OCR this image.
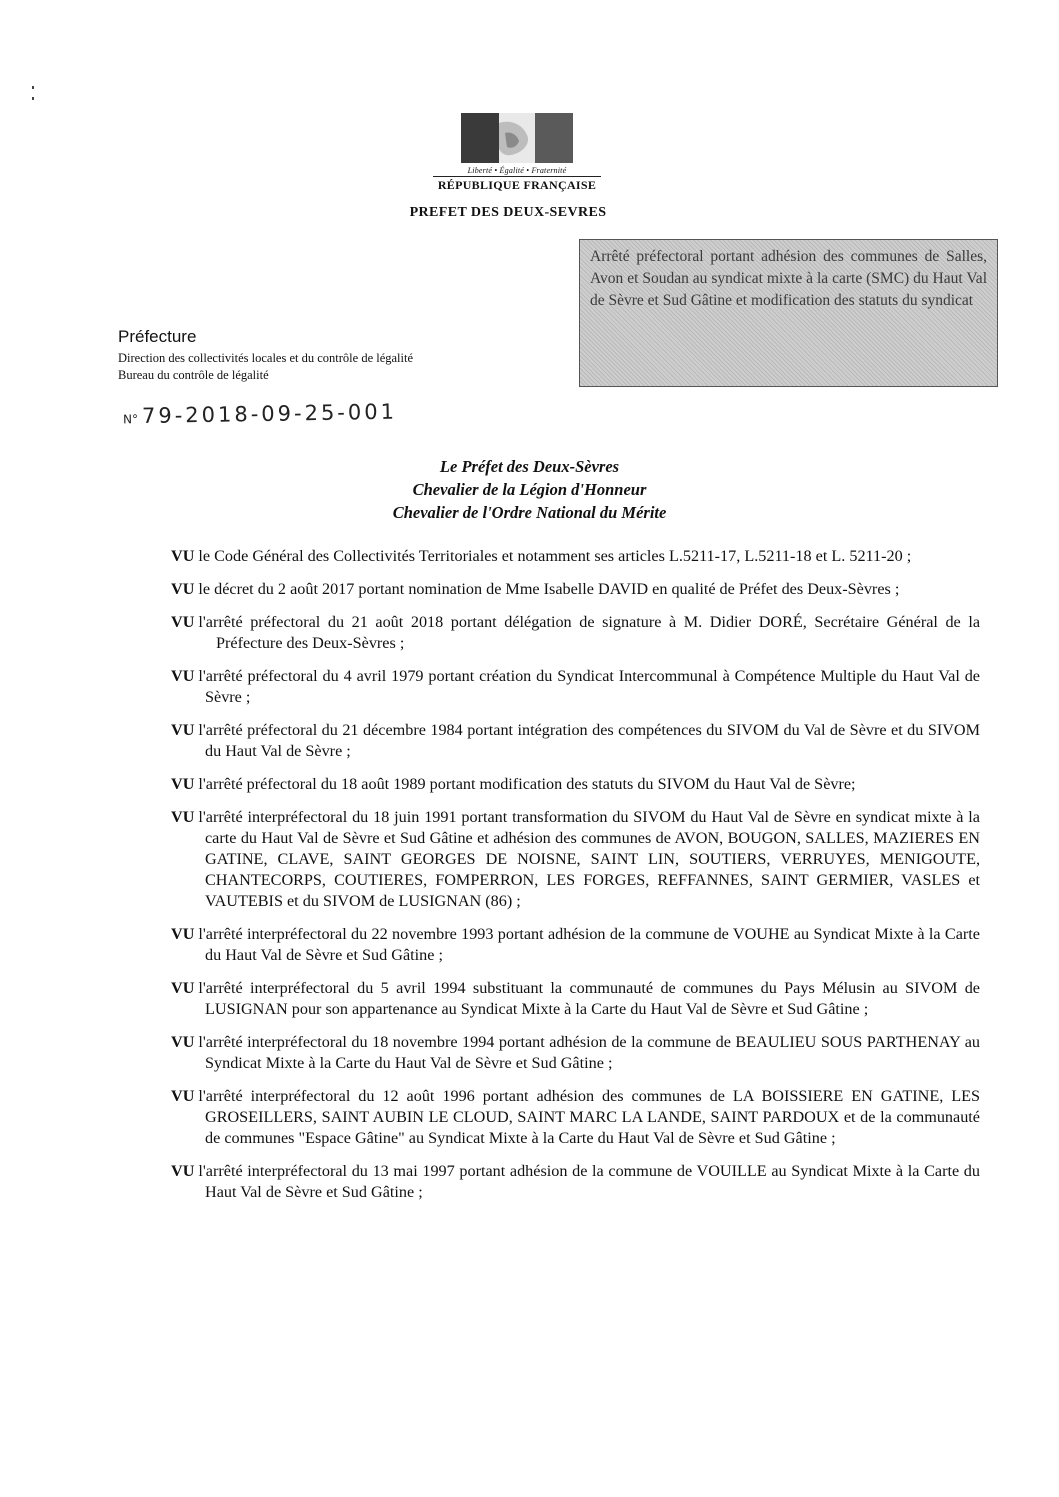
Liberté • Égalité • Fraternité
RÉPUBLIQUE FRANÇAISE
PREFET DES DEUX-SEVRES
Arrêté préfectoral portant adhésion des communes de Salles, Avon et Soudan au syndicat mixte à la carte (SMC) du Haut Val de Sèvre et Sud Gâtine et modification des statuts du syndicat
Préfecture
Direction des collectivités locales et du contrôle de légalité
Bureau du contrôle de légalité
N° 79-2018-09-25-001
Le Préfet des Deux-Sèvres
Chevalier de la Légion d'Honneur
Chevalier de l'Ordre National du Mérite
VU le Code Général des Collectivités Territoriales et notamment ses articles L.5211-17, L.5211-18 et L. 5211-20 ;
VU le décret du 2 août 2017 portant nomination de Mme Isabelle DAVID en qualité de Préfet des Deux-Sèvres ;
VU l'arrêté préfectoral du 21 août 2018 portant délégation de signature à M. Didier DORÉ, Secrétaire Général de la Préfecture des Deux-Sèvres ;
VU l'arrêté préfectoral du 4 avril 1979 portant création du Syndicat Intercommunal à Compétence Multiple du Haut Val de Sèvre ;
VU l'arrêté préfectoral du 21 décembre 1984 portant intégration des compétences du SIVOM du Val de Sèvre et du SIVOM du Haut Val de Sèvre ;
VU l'arrêté préfectoral du 18 août 1989 portant modification des statuts du SIVOM du Haut Val de Sèvre;
VU l'arrêté interpréfectoral du 18 juin 1991 portant transformation du SIVOM du Haut Val de Sèvre en syndicat mixte à la carte du Haut Val de Sèvre et Sud Gâtine et adhésion des communes de AVON, BOUGON, SALLES, MAZIERES EN GATINE, CLAVE, SAINT GEORGES DE NOISNE, SAINT LIN, SOUTIERS, VERRUYES, MENIGOUTE, CHANTECORPS, COUTIERES, FOMPERRON, LES FORGES, REFFANNES, SAINT GERMIER, VASLES et VAUTEBIS et du SIVOM de LUSIGNAN (86) ;
VU l'arrêté interpréfectoral du 22 novembre 1993 portant adhésion de la commune de VOUHE au Syndicat Mixte à la Carte du Haut Val de Sèvre et Sud Gâtine ;
VU l'arrêté interpréfectoral du 5 avril 1994 substituant la communauté de communes du Pays Mélusin au SIVOM de LUSIGNAN pour son appartenance au Syndicat Mixte à la Carte du Haut Val de Sèvre et Sud Gâtine ;
VU l'arrêté interpréfectoral du 18 novembre 1994 portant adhésion de la commune de BEAULIEU SOUS PARTHENAY au Syndicat Mixte à la Carte du Haut Val de Sèvre et Sud Gâtine ;
VU l'arrêté interpréfectoral du 12 août 1996 portant adhésion des communes de LA BOISSIERE EN GATINE, LES GROSEILLERS, SAINT AUBIN LE CLOUD, SAINT MARC LA LANDE, SAINT PARDOUX et de la communauté de communes "Espace Gâtine" au Syndicat Mixte à la Carte du Haut Val de Sèvre et Sud Gâtine ;
VU l'arrêté interpréfectoral du 13 mai 1997 portant adhésion de la commune de VOUILLE au Syndicat Mixte à la Carte du Haut Val de Sèvre et Sud Gâtine ;
